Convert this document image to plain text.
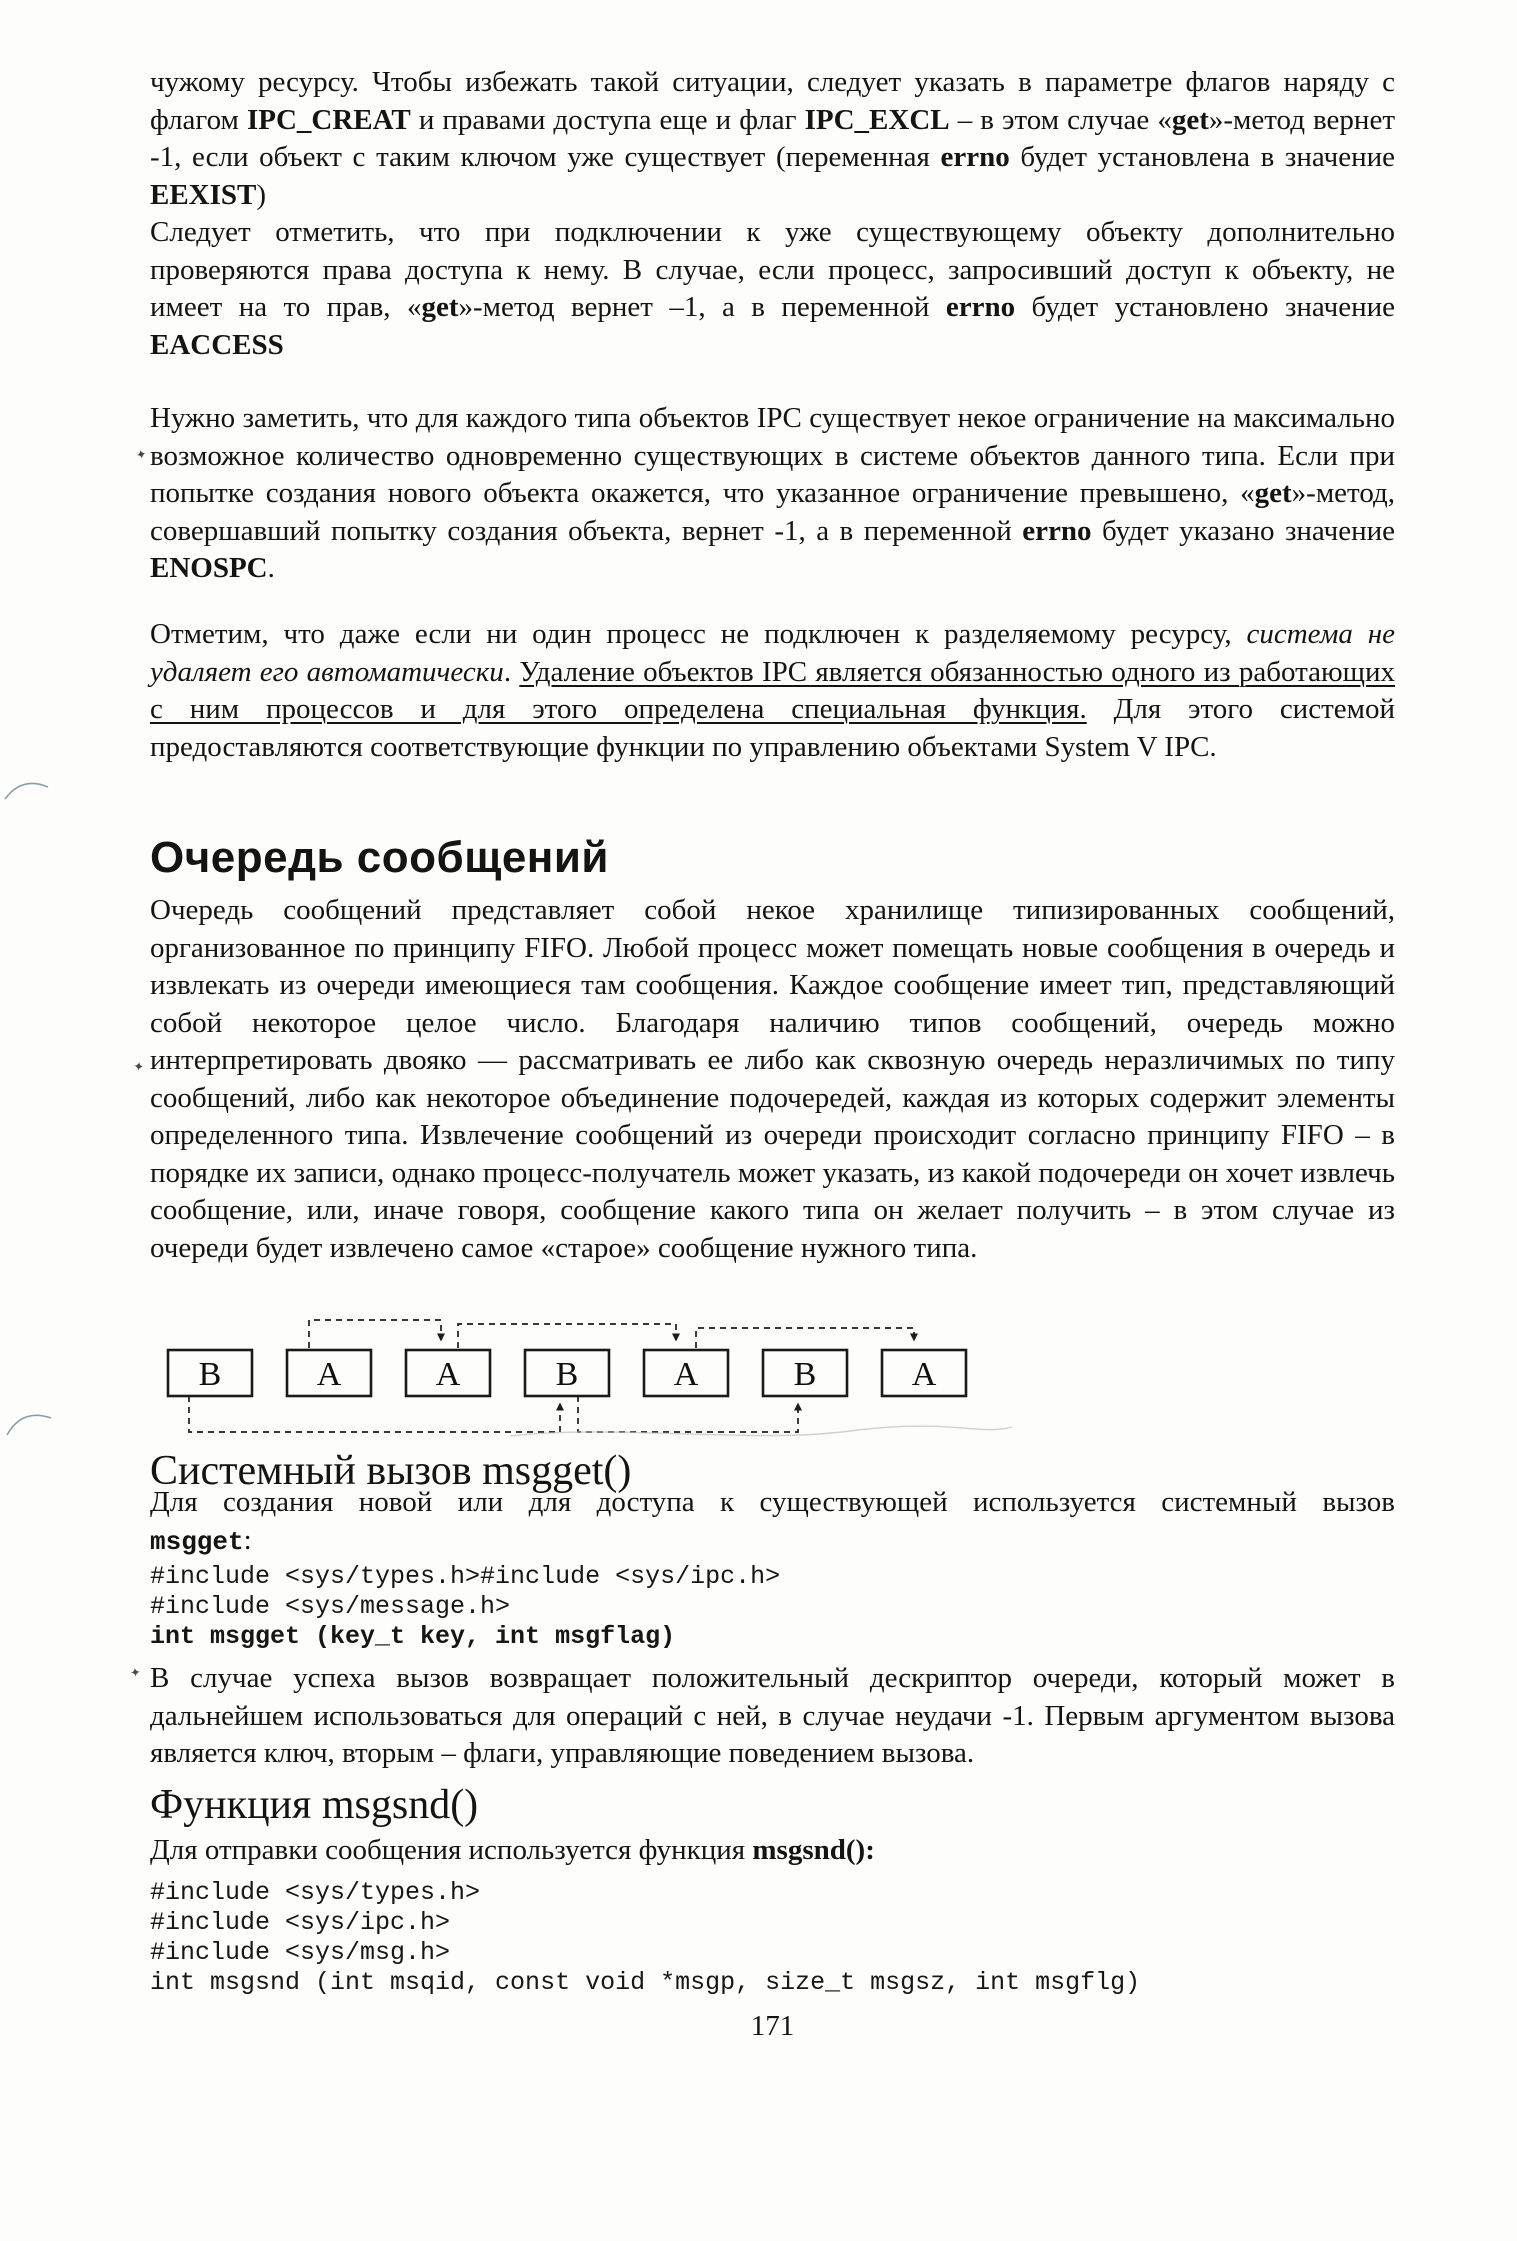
чужому ресурсу. Чтобы избежать такой ситуации, следует указать в параметре флагов наряду с флагом IPC_CREAT и правами доступа еще и флаг IPC_EXCL – в этом случае «get»-метод вернет -1, если объект с таким ключом уже существует (переменная errno будет установлена в значение EEXIST)

Следует отметить, что при подключении к уже существующему объекту дополнительно проверяются права доступа к нему. В случае, если процесс, запросивший доступ к объекту, не имеет на то прав, «get»-метод вернет –1, а в переменной errno будет установлено значение EACCESS

Нужно заметить, что для каждого типа объектов IPC существует некое ограничение на максимально возможное количество одновременно существующих в системе объектов данного типа. Если при попытке создания нового объекта окажется, что указанное ограничение превышено, «get»-метод, совершавший попытку создания объекта, вернет -1, а в переменной errno будет указано значение ENOSPC.

Отметим, что даже если ни один процесс не подключен к разделяемому ресурсу, система не удаляет его автоматически. Удаление объектов IPC является обязанностью одного из работающих с ним процессов и для этого определена специальная функция. Для этого системой предоставляются соответствующие функции по управлению объектами System V IPC.

Очередь сообщений

Очередь сообщений представляет собой некое хранилище типизированных сообщений, организованное по принципу FIFO. Любой процесс может помещать новые сообщения в очередь и извлекать из очереди имеющиеся там сообщения. Каждое сообщение имеет тип, представляющий собой некоторое целое число. Благодаря наличию типов сообщений, очередь можно интерпретировать двояко — рассматривать ее либо как сквозную очередь неразличимых по типу сообщений, либо как некоторое объединение подочередей, каждая из которых содержит элементы определенного типа. Извлечение сообщений из очереди происходит согласно принципу FIFO – в порядке их записи, однако процесс-получатель может указать, из какой подочереди он хочет извлечь сообщение, или, иначе говоря, сообщение какого типа он желает получить – в этом случае из очереди будет извлечено самое «старое» сообщение нужного типа.

B	A	A	B	A	B	A
Системный вызов msgget()

Для создания новой или для доступа к существующей используется системный вызов

msgget:

#include <sys/types.h>#include <sys/ipc.h>
#include <sys/message.h>
int msgget (key_t key, int msgflag)

В случае успеха вызов возвращает положительный дескриптор очереди, который может в дальнейшем использоваться для операций с ней, в случае неудачи -1. Первым аргументом вызова является ключ, вторым – флаги, управляющие поведением вызова.

Функция msgsnd()

Для отправки сообщения используется функция msgsnd():

#include <sys/types.h>
#include <sys/ipc.h>
#include <sys/msg.h>
int msgsnd (int msqid, const void *msgp, size_t msgsz, int msgflg)

171

✦
✦
✦
